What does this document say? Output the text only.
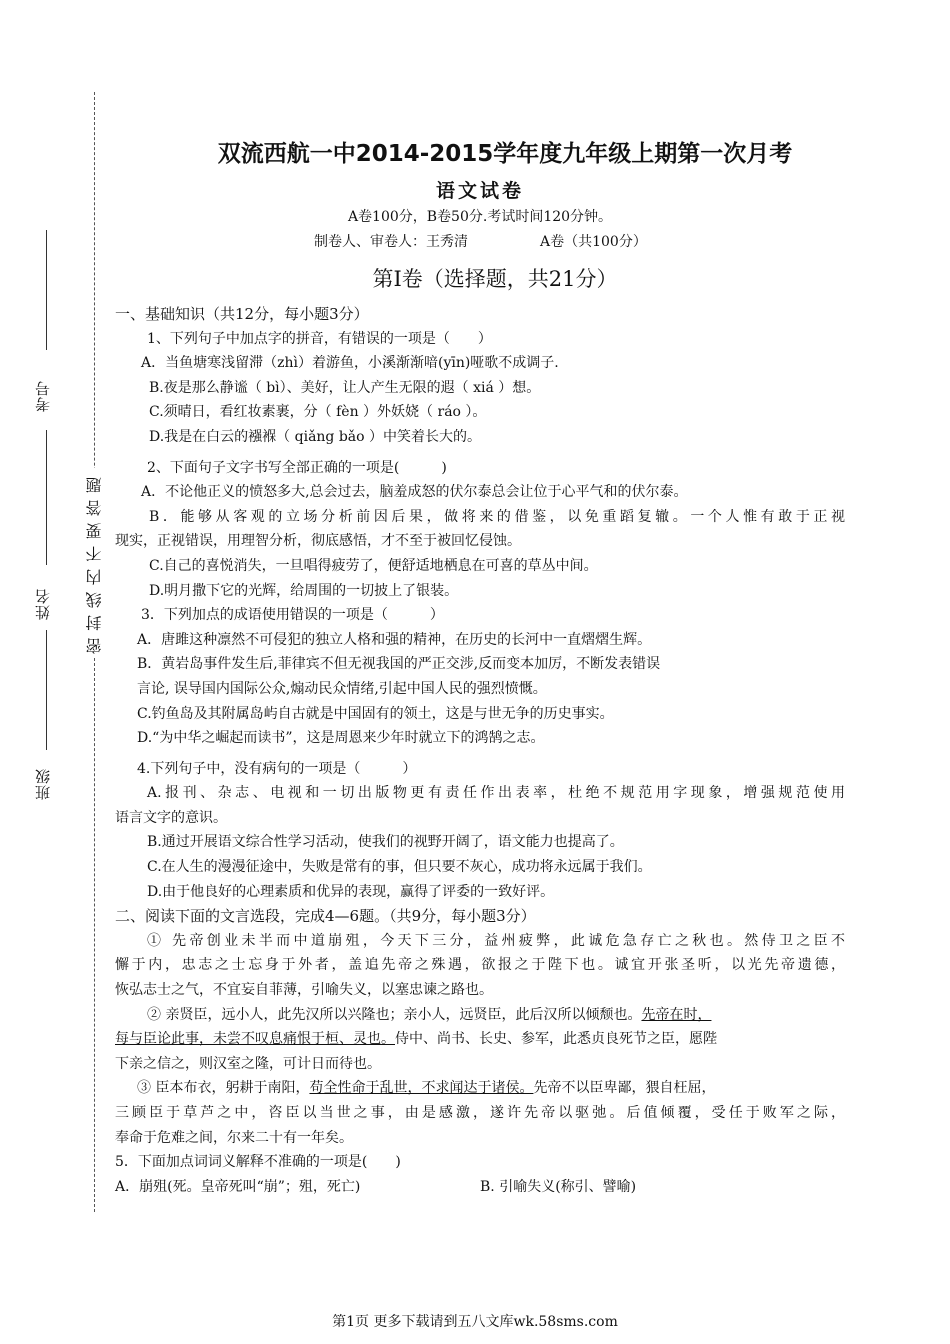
考号
姓名
班级
密封线内不要答题
双流西航一中2014-2015学年度九年级上期第一次月考
语文试卷
A卷100分，B卷50分.考试时间120分钟。
制卷人、审卷人：王秀清	A卷（共100分）
第Ⅰ卷（选择题，共21分）
一、基础知识（共12分，每小题3分）
1、下列句子中加点字的拼音，有错误的一项是（　　）
A．当鱼塘寒浅留滞（zhì）着游鱼，小溪渐渐喑(yīn)哑歌不成调子.
B.夜是那么静谧（ bì）、美好，让人产生无限的遐（ xiá ）想。
C.须晴日，看红妆素裹，分（ fèn ）外妖娆（ ráo ）。
D.我是在白云的襁褓（ qiǎng bǎo ）中笑着长大的。
2、下面句子文字书写全部正确的一项是(　　　)
A．不论他正义的愤怒多大,总会过去，脑羞成怒的伏尔泰总会让位于心平气和的伏尔泰。
B．能够从客观的立场分析前因后果，做将来的借鉴，以免重蹈复辙。一个人惟有敢于正视
现实，正视错误，用理智分析，彻底感悟，才不至于被回忆侵蚀。
C.自己的喜悦消失，一旦唱得疲劳了，便舒适地栖息在可喜的草丛中间。
D.明月撒下它的光辉，给周围的一切披上了银装。
3．下列加点的成语使用错误的一项是（　　　）
A．唐雎这种凛然不可侵犯的独立人格和强的精神，在历史的长河中一直熠熠生辉。
B．黄岩岛事件发生后,菲律宾不但无视我国的严正交涉,反而变本加厉，不断发表错误
言论, 误导国内国际公众,煽动民众情绪,引起中国人民的强烈愤慨。
C.钓鱼岛及其附属岛屿自古就是中国固有的领土，这是与世无争的历史事实。
D.“为中华之崛起而读书”，这是周恩来少年时就立下的鸿鹄之志。
4.下列句子中，没有病句的一项是（　　　）
A.报刊、杂志、电视和一切出版物更有责任作出表率，杜绝不规范用字现象，增强规范使用
语言文字的意识。
B.通过开展语文综合性学习活动，使我们的视野开阔了，语文能力也提高了。
C.在人生的漫漫征途中，失败是常有的事，但只要不灰心，成功将永远属于我们。
D.由于他良好的心理素质和优异的表现，赢得了评委的一致好评。
二、阅读下面的文言选段，完成4—6题。（共9分，每小题3分）
① 先帝创业未半而中道崩殂，今天下三分，益州疲弊，此诚危急存亡之秋也。然侍卫之臣不
懈于内，忠志之士忘身于外者，盖追先帝之殊遇，欲报之于陛下也。诚宜开张圣听，以光先帝遗德，
恢弘志士之气，不宜妄自菲薄，引喻失义，以塞忠谏之路也。
② 亲贤臣，远小人，此先汉所以兴隆也；亲小人，远贤臣，此后汉所以倾颓也。先帝在时，
每与臣论此事，未尝不叹息痛恨于桓、灵也。侍中、尚书、长史、参军，此悉贞良死节之臣，愿陛
下亲之信之，则汉室之隆，可计日而待也。
③ 臣本布衣，躬耕于南阳，苟全性命于乱世，不求闻达于诸侯。先帝不以臣卑鄙，猥自枉屈，
三顾臣于草芦之中，咨臣以当世之事，由是感激，遂许先帝以驱弛。后值倾覆，受任于败军之际，
奉命于危难之间，尔来二十有一年矣。
5．下面加点词词义解释不准确的一项是(　　)
A．崩殂(死。皇帝死叫“崩”；殂，死亡)	B. 引喻失义(称引、譬喻)
第1页 更多下载请到五八文库wk.58sms.com
